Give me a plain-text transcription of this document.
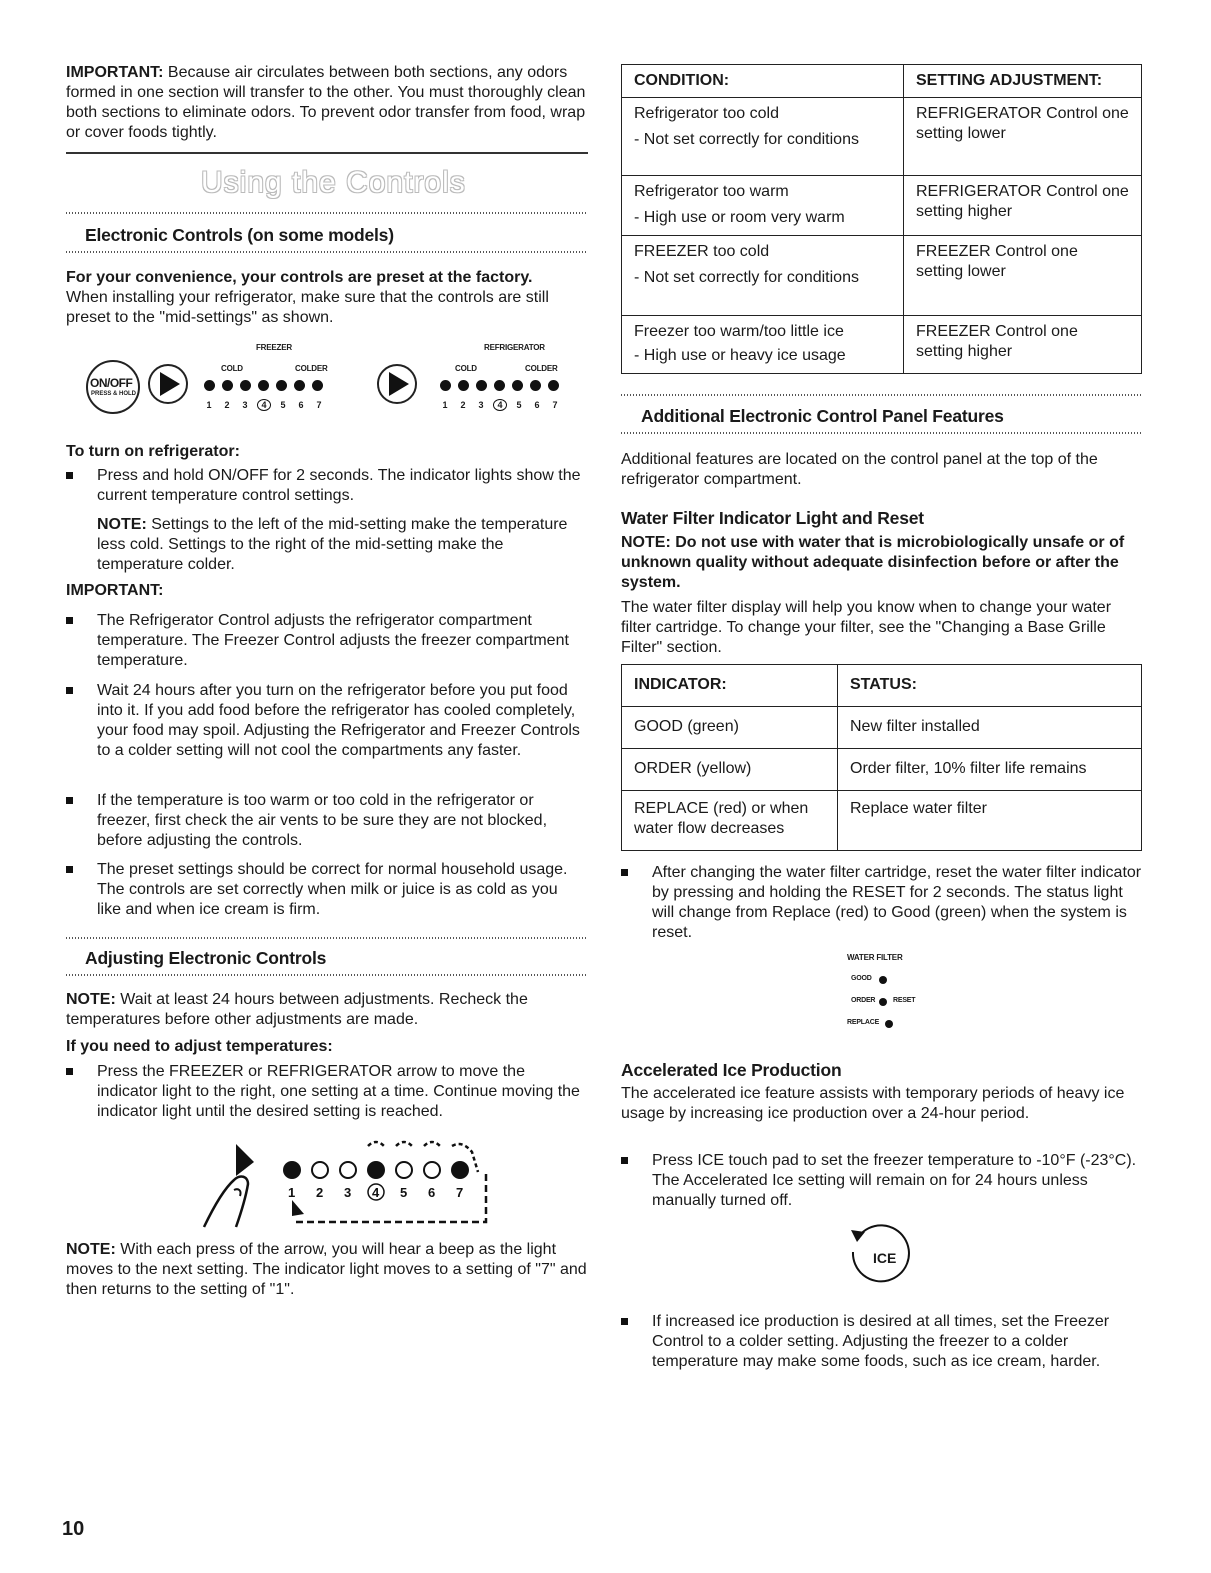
IMPORTANT: Because air circulates between both sections, any odors formed in one section will transfer to the other. You must thoroughly clean both sections to eliminate odors. To prevent odor transfer from food, wrap or cover foods tightly.

Using the Controls
Electronic Controls (on some models)

For your convenience, your controls are preset at the factory.

When installing your refrigerator, make sure that the controls are still preset to the "mid-settings" as shown.

ON/OFF
PRESS & HOLD
FREEZER
COLD	COLDER
1 2 3 4 5 6 7
REFRIGERATOR
COLD	COLDER
1 2 3 4 5 6 7

To turn on refrigerator:

Press and hold ON/OFF for 2 seconds. The indicator lights show the current temperature control settings.

NOTE: Settings to the left of the mid-setting make the temperature less cold. Settings to the right of the mid-setting make the temperature colder.

IMPORTANT:

The Refrigerator Control adjusts the refrigerator compartment temperature. The Freezer Control adjusts the freezer compartment temperature.

Wait 24 hours after you turn on the refrigerator before you put food into it. If you add food before the refrigerator has cooled completely, your food may spoil. Adjusting the Refrigerator and Freezer Controls to a colder setting will not cool the compartments any faster.

If the temperature is too warm or too cold in the refrigerator or freezer, first check the air vents to be sure they are not blocked, before adjusting the controls.

The preset settings should be correct for normal household usage. The controls are set correctly when milk or juice is as cold as you like and when ice cream is firm.

Adjusting Electronic Controls

NOTE: Wait at least 24 hours between adjustments. Recheck the temperatures before other adjustments are made.

If you need to adjust temperatures:

Press the FREEZER or REFRIGERATOR arrow to move the indicator light to the right, one setting at a time. Continue moving the indicator light until the desired setting is reached.

1 2 3 4 5 6 7

NOTE: With each press of the arrow, you will hear a beep as the light moves to the next setting. The indicator light moves to a setting of "7" and then returns to the setting of "1".

10
CONDITION:	SETTING ADJUSTMENT:

Refrigerator too cold
- Not set correctly for conditions	REFRIGERATOR Control one setting lower

Refrigerator too warm
- High use or room very warm	REFRIGERATOR Control one setting higher

FREEZER too cold
- Not set correctly for conditions	FREEZER Control one setting lower

Freezer too warm/too little ice
- High use or heavy ice usage	FREEZER Control one setting higher
Additional Electronic Control Panel Features

Additional features are located on the control panel at the top of the refrigerator compartment.

Water Filter Indicator Light and Reset

NOTE: Do not use with water that is microbiologically unsafe or of unknown quality without adequate disinfection before or after the system.

The water filter display will help you know when to change your water filter cartridge. To change your filter, see the "Changing a Base Grille Filter" section.

INDICATOR:	STATUS:
GOOD (green)	New filter installed
ORDER (yellow)	Order filter, 10% filter life remains
REPLACE (red) or when water flow decreases	Replace water filter

After changing the water filter cartridge, reset the water filter indicator by pressing and holding the RESET for 2 seconds. The status light will change from Replace (red) to Good (green) when the system is reset.

WATER FILTER
GOOD
ORDER	RESET
REPLACE
Accelerated Ice Production

The accelerated ice feature assists with temporary periods of heavy ice usage by increasing ice production over a 24-hour period.

Press ICE touch pad to set the freezer temperature to -10°F (-23°C). The Accelerated Ice setting will remain on for 24 hours unless manually turned off.

ICE

If increased ice production is desired at all times, set the Freezer Control to a colder setting. Adjusting the freezer to a colder temperature may make some foods, such as ice cream, harder.
